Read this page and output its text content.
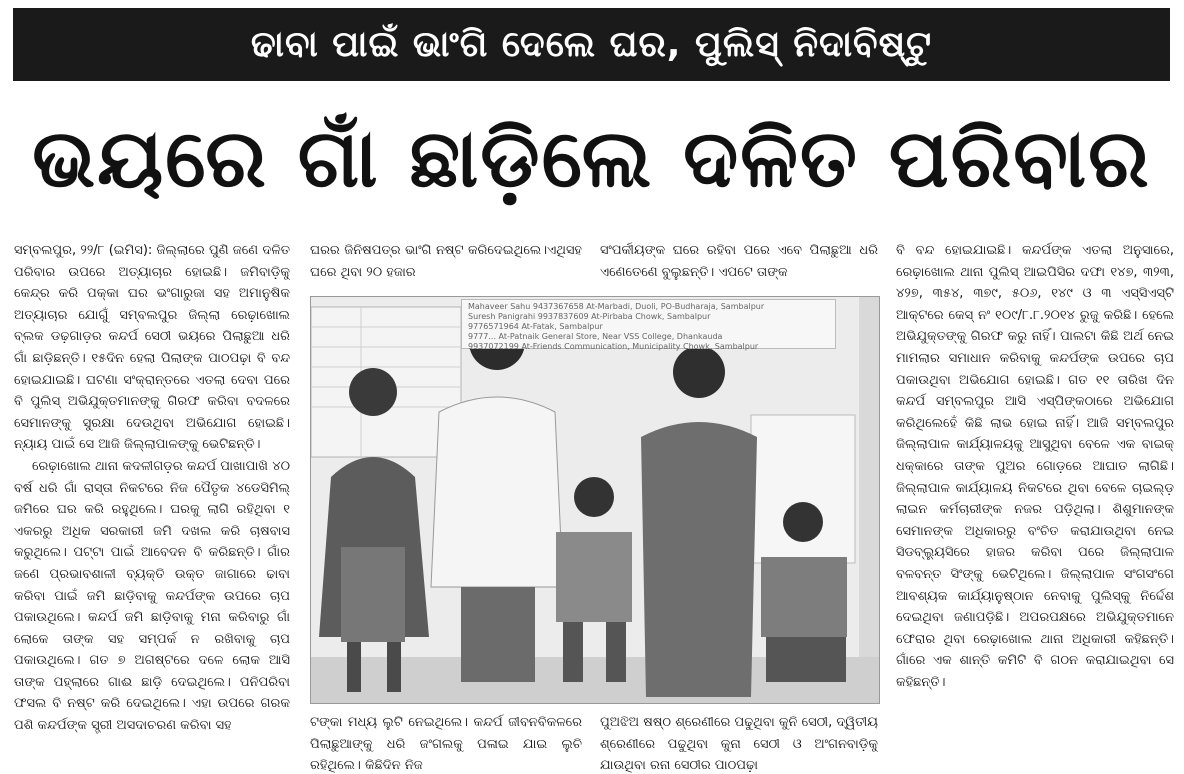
ଢାବା ପାଇଁ ଭାଂଗି ଦେଲେ ଘର, ପୁଲିସ୍ ନିଦାବିଷ୍ଟୁ
ଭୟରେ ଗାଁ ଛାଡ଼ିଲେ ଦଳିତ ପରିବାର

ସମ୍ବଲପୁର, ୨୨/୮ (ଇମିସ): ଜିଲ୍ଲାରେ ପୁଣି ଜଣେ ଦଳିତ ପରିବାର ଉପରେ ଅତ୍ୟାଚାର ହୋଇଛି। ଜମିବାଡ଼ିକୁ କେନ୍ଦ୍ର କରି ପକ୍କା ଘର ଭଂଗାରୁଜା ସହ ଅମାନୁଷିକ ଅତ୍ୟାଚାର ଯୋଗୁଁ ସମ୍ବଲପୁର ଜିଲ୍ଲା ରେଢ଼ାଖୋଲ ବ୍ଲକ ଡଢ଼ଗାଡ଼ର କନ୍ଦର୍ପ ସେଠୀ ଭୟରେ ପିଲାଛୁଆ ଧରି ଗାଁ ଛାଡ଼ିଛନ୍ତି। ୧୫ଦିନ ହେଲା ପିଲାଙ୍କ ପାଠପଢ଼ା ବି ବନ୍ଦ ହୋଇଯାଇଛି। ଘଟଣା ସଂକ୍ରାନ୍ତରେ ଏତଲା ଦେବା ପରେ ବି ପୁଲିସ୍ ଅଭିଯୁକ୍ତମାନଙ୍କୁ ଗିରଫ କରିବା ବଦଳରେ ସେମାନଙ୍କୁ ସୁରକ୍ଷା ଦେଉଥିବା ଅଭିଯୋଗ ହୋଇଛି। ନ୍ୟାୟ ପାଇଁ ସେ ଆଜି ଜିଲ୍ଲାପାଳଙ୍କୁ ଭେଟିଛନ୍ତି।

ରେଢ଼ାଖୋଲ ଥାନା କଦଳୀଗଡ଼ର କନ୍ଦର୍ପ ପାଖାପାଖି ୪୦ ବର୍ଷ ଧରି ଗାଁ ରାସ୍ତା ନିକଟରେ ନିଜ ପୈତୃକ ୪ଡେସିମିଲ୍ ଜମିରେ ଘର କରି ରହୁଥିଲେ। ଘରକୁ ଲାଗି ରହିଥିବା ୧ ଏକରରୁ ଅଧିକ ସରକାରୀ ଜମି ଦଖଲ କରି ଚାଷବାସ କରୁଥିଲେ। ପଟ୍ଟା ପାଇଁ ଆବେଦନ ବି କରିଛନ୍ତି। ଗାଁର ଜଣେ ପ୍ରଭାବଶାଳୀ ବ୍ୟକ୍ତି ଉକ୍ତ ଜାଗାରେ ଢାବା କରିବା ପାଇଁ ଜମି ଛାଡ଼ିବାକୁ କନ୍ଦର୍ପଙ୍କ ଉପରେ ଚାପ ପକାଉଥିଲେ। କନ୍ଦର୍ପ ଜମି ଛାଡ଼ିବାକୁ ମନା କରିବାରୁ ଗାଁ ଲୋକେ ତାଙ୍କ ସହ ସମ୍ପର୍କ ନ ରଖିବାକୁ ଚାପ ପକାଉଥିଲେ। ଗତ ୭ ଅଗଷ୍ଟରେ ଦଳେ ଲୋକ ଆସି ତାଙ୍କ ପହ୍ଲାରେ ଗାଈ ଛାଡ଼ି ଦେଇଥିଲେ। ପନିପରିବା ଫସଲ ବି ନଷ୍ଟ କରି ଦେଇଥିଲେ। ଏହା ଉପରେ ଗରକ ପଶି କନ୍ଦର୍ପଙ୍କ ସ୍ତ୍ରୀ ଅସଦାଚରଣ କରିବା ସହ

ଘରର ଜିନିଷପତ୍ର ଭାଂଗି ନଷ୍ଟ କରିଦେଇଥିଲେ।ଏଥିସହ ଘରେ ଥିବା ୨୦ ହଜାର

ସଂପର୍କୀୟଙ୍କ ଘରେ ରହିବା ପରେ ଏବେ ପିଲାଛୁଆ ଧରି ଏଣେତେଣେ ବୁଲୁଛନ୍ତି। ଏପଟେ ତାଙ୍କ

Mahaveer Sahu 9437367658 At-Marbadi, Duoli, PO-Budharaja, Sambalpur
Suresh Panigrahi 9937837609 At-Pirbaba Chowk, Sambalpur
9776571964 At-Fatak, Sambalpur
9777... At-Patnaik General Store, Near VSS College, Dhankauda
9937072199 At-Friends Communication, Municipality Chowk, Sambalpur

ଟଙ୍କା ମଧ୍ୟ ଲୁଟି ନେଇଥିଲେ। କନ୍ଦର୍ପ ଜୀବନବିକଳରେ ପିଲାଛୁଆଙ୍କୁ ଧରି ଜଂଗଲକୁ ପଳାଇ ଯାଇ ଲୁଚି ରହିଥିଲେ। କିଛିଦିନ ନିଜ

ପୁଅଝିଅ ଷଷ୍ଠ ଶ୍ରେଣୀରେ ପଢୁଥିବା କୁନି ସେଠୀ, ଦ୍ୱିତୀୟ ଶ୍ରେଣୀରେ ପଢୁଥିବା କୁନା ସେଠୀ ଓ ଅଂଗନବାଡ଼ିକୁ ଯାଉଥିବା ରନା ସେଠୀର ପାଠପଢ଼ା

ବି ବନ୍ଦ ହୋଇଯାଇଛି। କନ୍ଦର୍ପଙ୍କ ଏତଲା ଅନୁସାରେ, ରେଢ଼ାଖୋଲ ଥାନା ପୁଲିସ୍ ଆଇପିସିର ଦଫା ୧୪୭, ୩୨୩, ୪୨୭, ୩୫୪, ୩୭୯, ୫୦୬, ୧୪୯ ଓ ୩ ଏସ୍ସିଏସ୍ଟି ଆକ୍ଟରେ କେସ୍ ନଂ ୧୦୯/୮.୮.୨୦୧୪ ରୁଜୁ କରିଛି। ହେଲେ ଅଭିଯୁକ୍ତଙ୍କୁ ଗିରଫ କରୁ ନାହିଁ। ପାଲଟା କିଛି ଅର୍ଥ ନେଇ ମାମଲାର ସମାଧାନ କରିବାକୁ କନ୍ଦର୍ପଙ୍କ ଉପରେ ଚାପ ପକାଉଥିବା ଅଭିଯୋଗ ହୋଇଛି। ଗତ ୧୧ ତାରିଖ ଦିନ କନ୍ଦର୍ପ ସମ୍ବଲପୁର ଆସି ଏସ୍ପିଙ୍କଠାରେ ଅଭିଯୋଗ କରିଥିଲେହେଁ କିଛି ଲାଭ ହୋଇ ନାହିଁ। ଆଜି ସମ୍ବଲପୁର ଜିଲ୍ଲାପାଳ କାର୍ଯ୍ୟାଳୟକୁ ଆସୁଥିବା ବେଳେ ଏକ ବାଇକ୍ ଧକ୍କାରେ ତାଙ୍କ ପୁଅର ଗୋଡ଼ରେ ଆଘାତ ଲାଗିଛି। ଜିଲ୍ଲାପାଳ କାର୍ଯ୍ୟାଳୟ ନିକଟରେ ଥିବା ବେଳେ ଚାଇଲ୍ଡ଼ ଲାଇନ କର୍ମଚାରୀଙ୍କ ନଜର ପଡ଼ିଥିଲା। ଶିଶୁମାନଙ୍କ ସେମାନଙ୍କ ଅଧିକାରରୁ ବଂଚିତ କରାଯାଉଥିବା ନେଇ ସିଡବ୍ଲ୍ୟୁସିରେ ହାଜର କରିବା ପରେ ଜିଲ୍ଲାପାଳ ବଳବନ୍ତ ସିଂଙ୍କୁ ଭେଟିଥିଲେ। ଜିଲ୍ଲାପାଳ ସଂଗସଂଗେ ଆବଶ୍ୟକ କାର୍ଯ୍ୟାନୁଷ୍ଠାନ ନେବାକୁ ପୁଲିସ୍କୁ ନିର୍ଦ୍ଦେଶ ଦେଇଥିବା ଜଣାପଡ଼ିଛି। ଅପରପକ୍ଷରେ ଅଭିଯୁକ୍ତମାନେ ଫେରାର ଥିବା ରେଢ଼ାଖୋଲ ଥାନା ଅଧିକାରୀ କହିଛନ୍ତି। ଗାଁରେ ଏକ ଶାନ୍ତି କମିଟି ବି ଗଠନ କରାଯାଇଥିବା ସେ କହିଛନ୍ତି।
